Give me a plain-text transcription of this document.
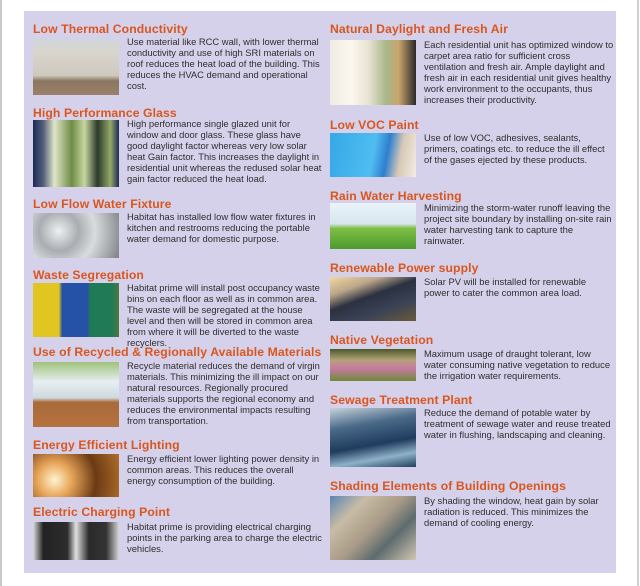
Low Thermal Conductivity
Use material like RCC wall, with lower thermal conductivity and use of high SRI materials on roof reduces the heat load of the building. This reduces the HVAC demand and operational cost.
High Performance Glass
High performance single glazed unit for window and door glass. These glass have good daylight factor whereas very low solar heat Gain factor. This increases the daylight in residential unit whereas the redused solar heat gain factor reduced the heat load.
Low Flow Water Fixture
Habitat has installed low flow water fixtures in kitchen and restrooms reducing the portable water demand for domestic purpose.
Waste Segregation
Habitat prime will install post occupancy waste bins on each floor as well as in common area. The waste will be segregated at the house level and then will be stored in common area from where it will be diverted to the waste recyclers.
Use of Recycled & Regionally Available Materials
Recycle material reduces the demand of virgin materials. This minimizing the ill impact on our natural resources. Regionally procured materials supports the regional economy and reduces the environmental impacts resulting from transportation.
Energy Efficient Lighting
Energy efficient lower lighting power density in common areas. This reduces the overall energy consumption of the building.
Electric Charging Point
Habitat prime is providing electrical charging points in the parking area to charge the electric vehicles.
Natural Daylight and Fresh Air
Each residential unit has optimized window to carpet area ratio for sufficient cross ventilation and fresh air. Ample daylight and fresh air in each residential unit gives healthy work environment to the occupants, thus increases their productivity.
Low VOC Paint
Use of low VOC, adhesives, sealants, primers, coatings etc. to reduce the ill effect of the gases ejected by these products.
Rain Water Harvesting
Minimizing the storm-water runoff leaving the project site boundary by installing on-site rain water harvesting tank to capture the rainwater.
Renewable Power supply
Solar PV will be installed for renewable power to cater the common area load.
Native Vegetation
Maximum usage of draught tolerant, low water consuming native vegetation to reduce the irrigation water requirements.
Sewage Treatment Plant
Reduce the demand of potable water by treatment of sewage water and reuse treated water in flushing, landscaping and cleaning.
Shading Elements of Building Openings
By shading the window, heat gain by solar radiation is reduced. This minimizes the demand of cooling energy.
